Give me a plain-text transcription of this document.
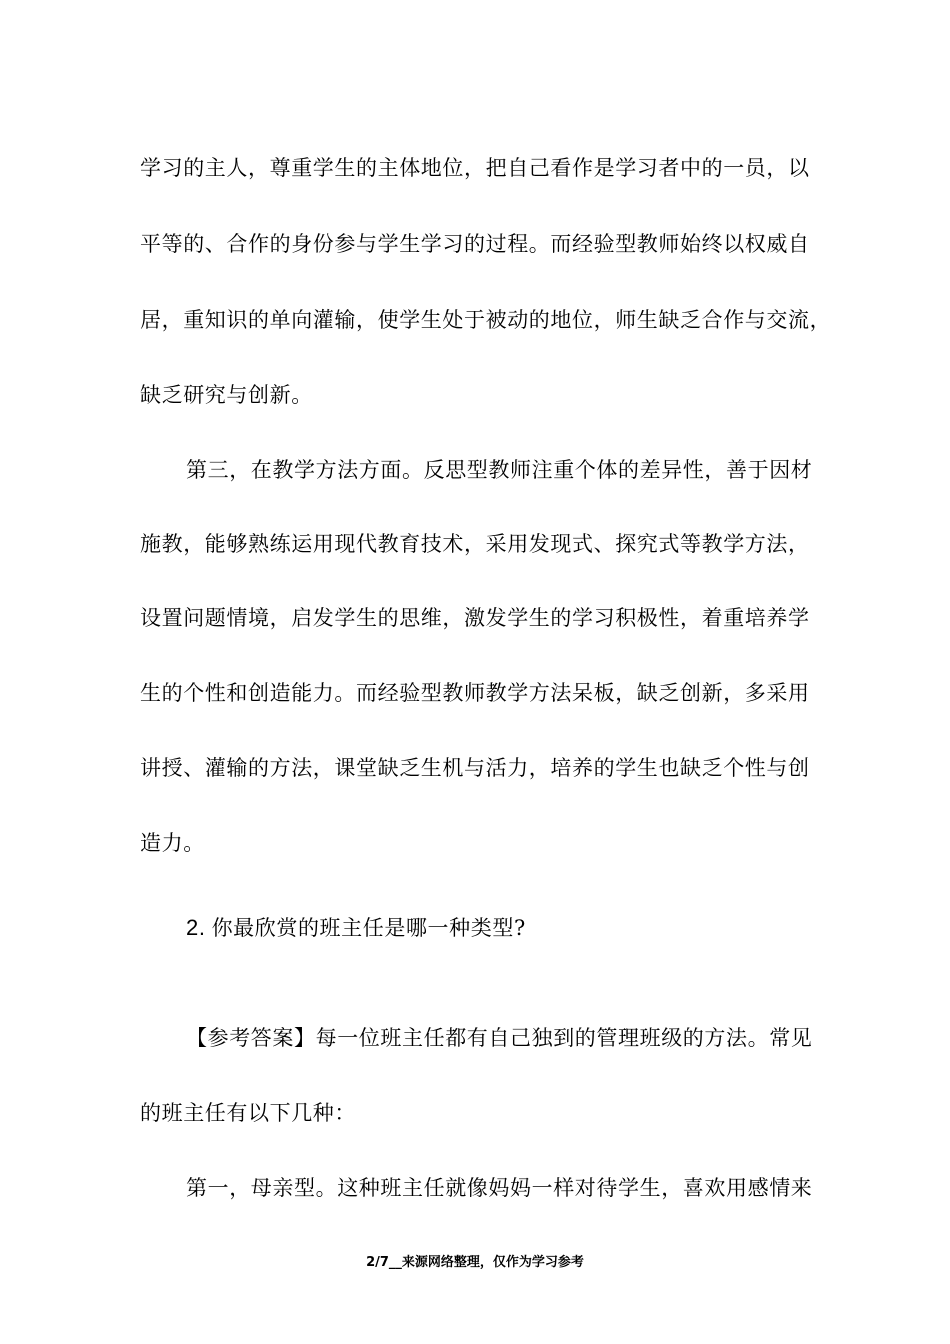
学习的主人，尊重学生的主体地位，把自己看作是学习者中的一员，以
平等的、合作的身份参与学生学习的过程。而经验型教师始终以权威自
居，重知识的单向灌输，使学生处于被动的地位，师生缺乏合作与交流，
缺乏研究与创新。
第三，在教学方法方面。反思型教师注重个体的差异性，善于因材
施教，能够熟练运用现代教育技术，采用发现式、探究式等教学方法，
设置问题情境，启发学生的思维，激发学生的学习积极性，着重培养学
生的个性和创造能力。而经验型教师教学方法呆板，缺乏创新，多采用
讲授、灌输的方法，课堂缺乏生机与活力，培养的学生也缺乏个性与创
造力。
2. 你最欣赏的班主任是哪一种类型?
【参考答案】每一位班主任都有自己独到的管理班级的方法。常见
的班主任有以下几种：
第一，母亲型。这种班主任就像妈妈一样对待学生，喜欢用感情来
2/7__来源网络整理，仅作为学习参考
